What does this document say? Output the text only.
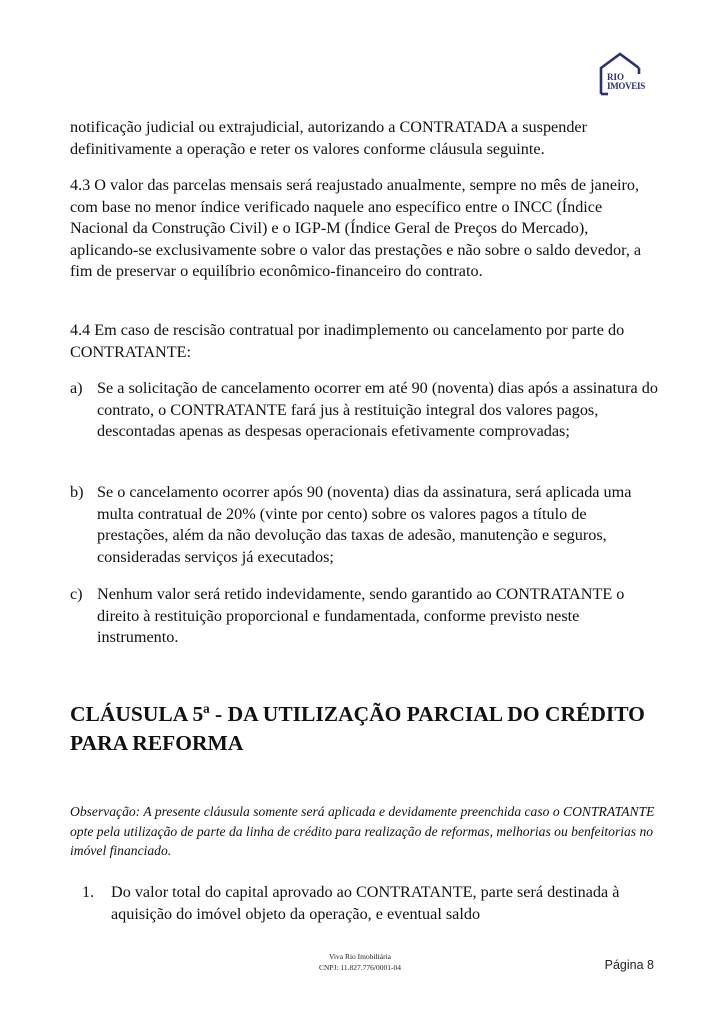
RIO
IMOVEIS

notificação judicial ou extrajudicial, autorizando a CONTRATADA a suspender definitivamente a operação e reter os valores conforme cláusula seguinte.

4.3 O valor das parcelas mensais será reajustado anualmente, sempre no mês de janeiro, com base no menor índice verificado naquele ano específico entre o INCC (Índice Nacional da Construção Civil) e o IGP-M (Índice Geral de Preços do Mercado), aplicando-se exclusivamente sobre o valor das prestações e não sobre o saldo devedor, a fim de preservar o equilíbrio econômico-financeiro do contrato.

4.4 Em caso de rescisão contratual por inadimplemento ou cancelamento por parte do CONTRATANTE:

a) Se a solicitação de cancelamento ocorrer em até 90 (noventa) dias após a assinatura do contrato, o CONTRATANTE fará jus à restituição integral dos valores pagos, descontadas apenas as despesas operacionais efetivamente comprovadas;
b) Se o cancelamento ocorrer após 90 (noventa) dias da assinatura, será aplicada uma multa contratual de 20% (vinte por cento) sobre os valores pagos a título de prestações, além da não devolução das taxas de adesão, manutenção e seguros, consideradas serviços já executados;
c) Nenhum valor será retido indevidamente, sendo garantido ao CONTRATANTE o direito à restituição proporcional e fundamentada, conforme previsto neste instrumento.
CLÁUSULA 5ª - DA UTILIZAÇÃO PARCIAL DO CRÉDITO PARA REFORMA
Observação: A presente cláusula somente será aplicada e devidamente preenchida caso o CONTRATANTE opte pela utilização de parte da linha de crédito para realização de reformas, melhorias ou benfeitorias no imóvel financiado.
1. Do valor total do capital aprovado ao CONTRATANTE, parte será destinada à aquisição do imóvel objeto da operação, e eventual saldo
Viva Rio Imobiliária
CNPJ: 11.827.776/0001-04	Página 8
